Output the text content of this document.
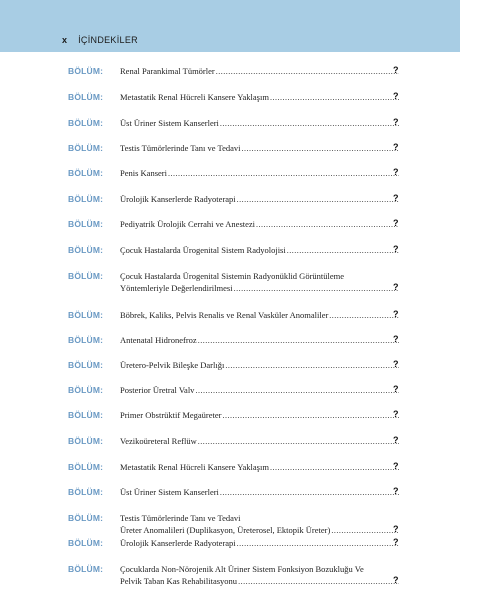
x İÇİNDEKİLER
BÖLÜM: Renal Parankimal Tümörler .....	?
BÖLÜM: Metastatik Renal Hücreli Kansere Yaklaşım .....	?
BÖLÜM: Üst Üriner Sistem Kanserleri .....	?
BÖLÜM: Testis Tümörlerinde Tanı ve Tedavi .....	?
BÖLÜM: Penis Kanseri .....	?
BÖLÜM: Ürolojik Kanserlerde Radyoterapi .....	?
BÖLÜM: Pediyatrik Ürolojik Cerrahi ve Anestezi .....	?
BÖLÜM: Çocuk Hastalarda Ürogenital Sistem Radyolojisi .....	?
BÖLÜM: Çocuk Hastalarda Ürogenital Sistemin Radyonüklid Görüntüleme
Yöntemleriyle Değerlendirilmesi .....	?
BÖLÜM: Böbrek, Kaliks, Pelvis Renalis ve Renal Vasküler Anomaliler .....	?
BÖLÜM: Antenatal Hidronefroz .....	?
BÖLÜM: Üretero-Pelvik Bileşke Darlığı .....	?
BÖLÜM: Posterior Üretral Valv .....	?
BÖLÜM: Primer Obstrüktif Megaüreter .....	?
BÖLÜM: Vezikoüreteral Reflüw .....	?
BÖLÜM: Metastatik Renal Hücreli Kansere Yaklaşım .....	?
BÖLÜM: Üst Üriner Sistem Kanserleri .....	?
BÖLÜM: Testis Tümörlerinde Tanı ve Tedavi
Üreter Anomalileri (Duplikasyon, Üreterosel, Ektopik Üreter) .....	?
BÖLÜM: Ürolojik Kanserlerde Radyoterapi .....	?
BÖLÜM: Çocuklarda Non-Nörojenik Alt Üriner Sistem Fonksiyon Bozukluğu Ve
Pelvik Taban Kas Rehabilitasyonu .....	?
